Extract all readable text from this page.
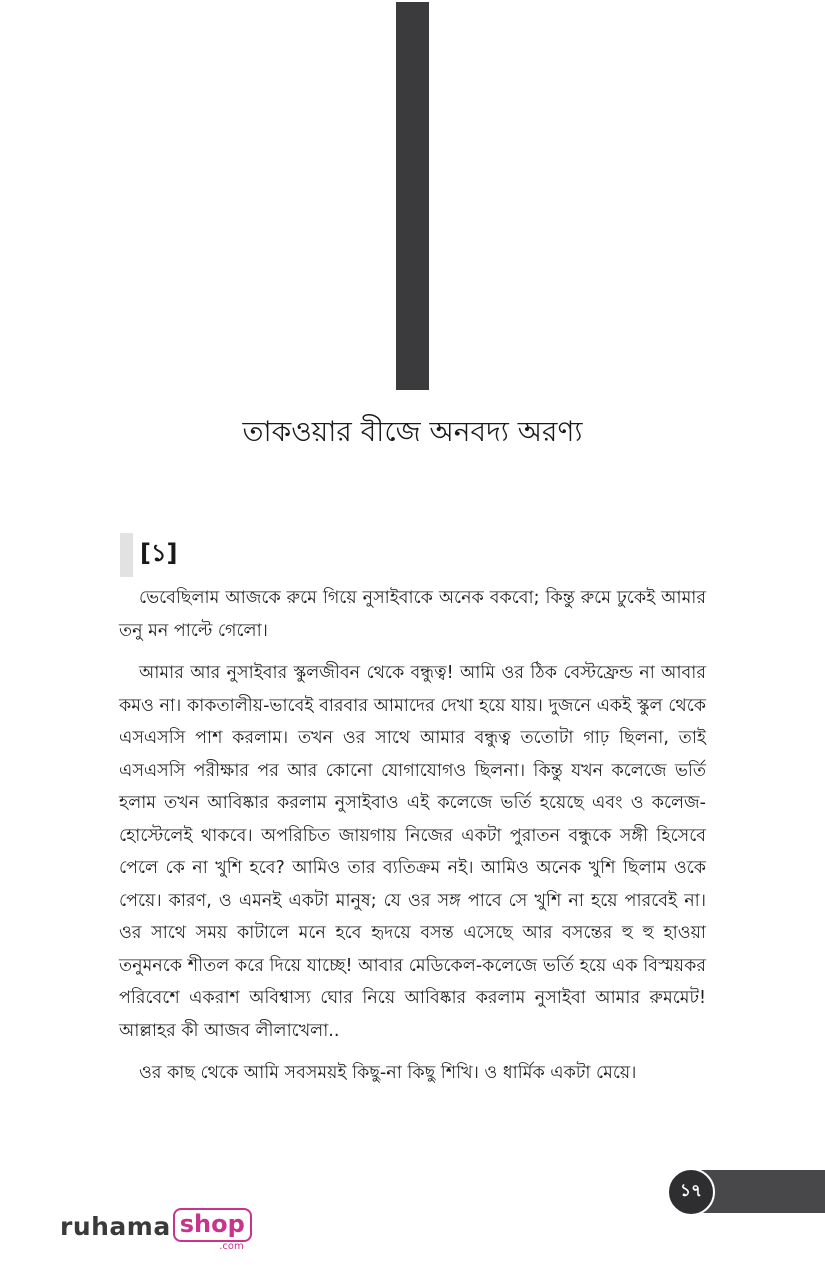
তাকওয়ার বীজে অনবদ্য অরণ্য
[১]

ভেবেছিলাম আজকে রুমে গিয়ে নুসাইবাকে অনেক বকবো; কিন্তু রুমে ঢুকেই আমার তনু মন পাল্টে গেলো।

আমার আর নুসাইবার স্কুলজীবন থেকে বন্ধুত্ব! আমি ওর ঠিক বেস্টফ্রেন্ড না আবার কমও না। কাকতালীয়-ভাবেই বারবার আমাদের দেখা হয়ে যায়। দুজনে একই স্কুল থেকে এসএসসি পাশ করলাম। তখন ওর সাথে আমার বন্ধুত্ব ততোটা গাঢ় ছিলনা, তাই এসএসসি পরীক্ষার পর আর কোনো যোগাযোগও ছিলনা। কিন্তু যখন কলেজে ভর্তি হলাম তখন আবিষ্কার করলাম নুসাইবাও এই কলেজে ভর্তি হয়েছে এবং ও কলেজ-হোস্টেলেই থাকবে। অপরিচিত জায়গায় নিজের একটা পুরাতন বন্ধুকে সঙ্গী হিসেবে পেলে কে না খুশি হবে? আমিও তার ব্যতিক্রম নই। আমিও অনেক খুশি ছিলাম ওকে পেয়ে। কারণ, ও এমনই একটা মানুষ; যে ওর সঙ্গ পাবে সে খুশি না হয়ে পারবেই না। ওর সাথে সময় কাটালে মনে হবে হৃদয়ে বসন্ত এসেছে আর বসন্তের হু হু হাওয়া তনুমনকে শীতল করে দিয়ে যাচ্ছে! আবার মেডিকেল-কলেজে ভর্তি হয়ে এক বিস্ময়কর পরিবেশে একরাশ অবিশ্বাস্য ঘোর নিয়ে আবিষ্কার করলাম নুসাইবা আমার রুমমেট! আল্লাহর কী আজব লীলাখেলা..

ওর কাছ থেকে আমি সবসময়ই কিছু-না কিছু শিখি। ও ধার্মিক একটা মেয়ে।

১৭
ruhama shop
.com
